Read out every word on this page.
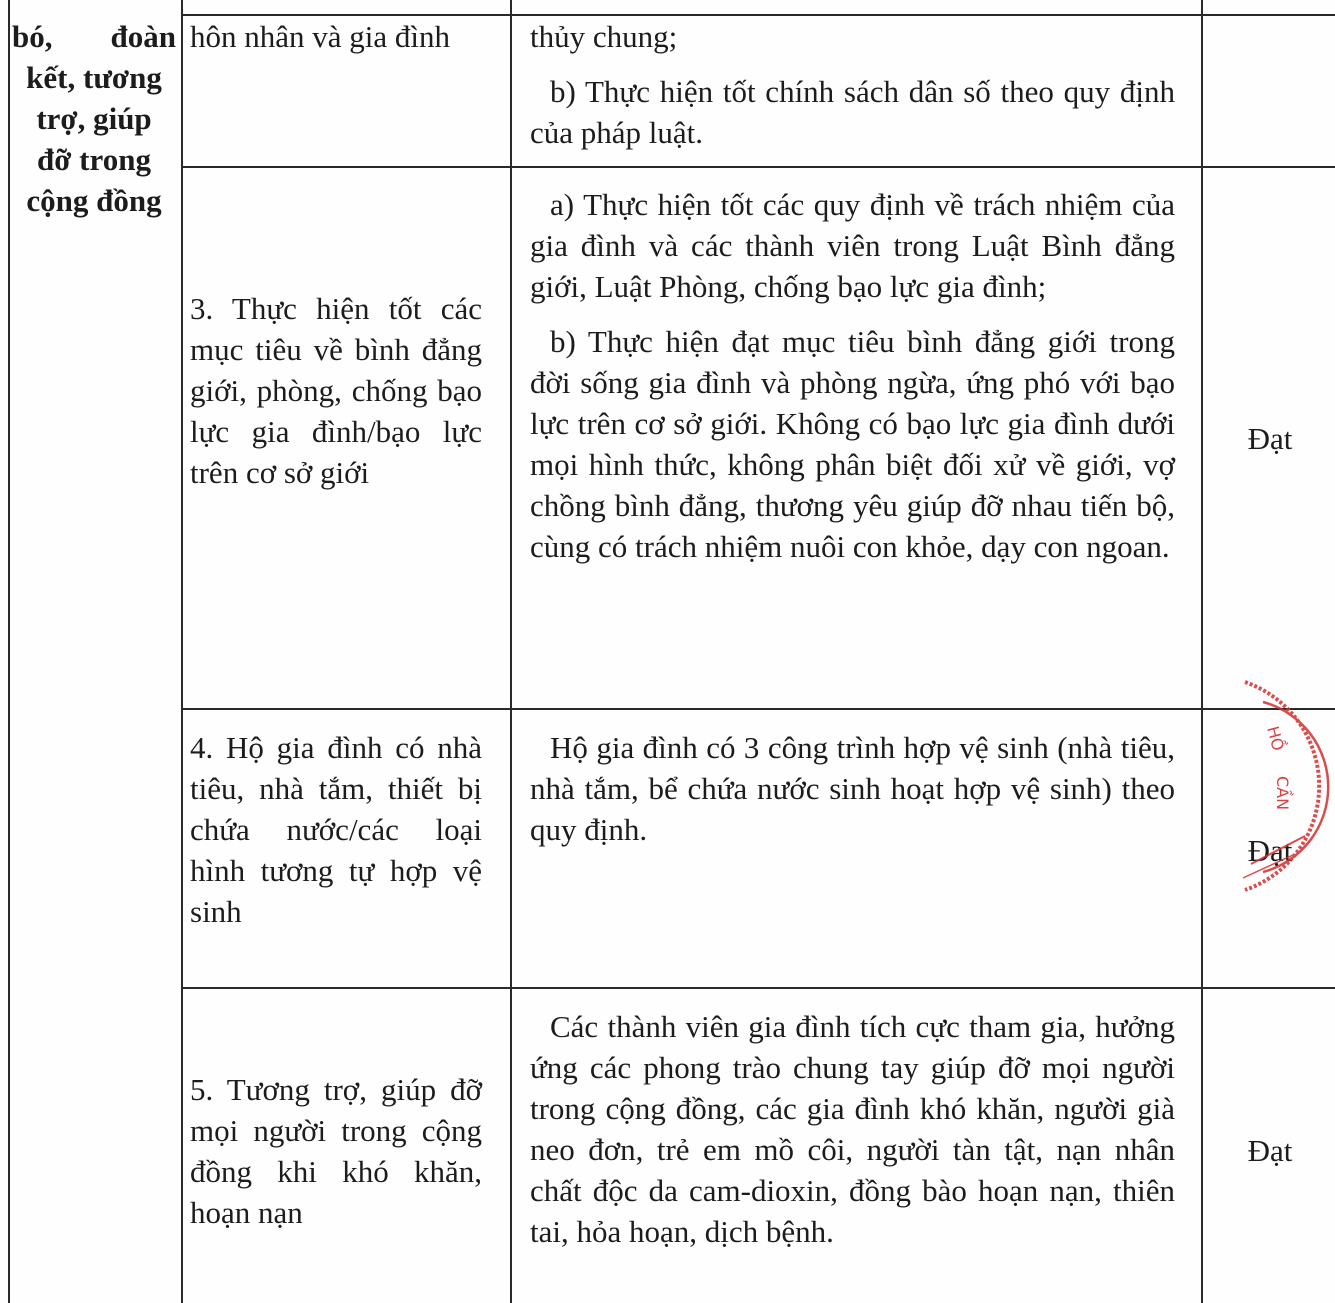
bó, đoàn
kết, tương
trợ, giúp
đỡ trong
cộng đồng
hôn nhân và gia đình	thủy chung;

b) Thực hiện tốt chính sách dân số theo quy định của pháp luật.

3. Thực hiện tốt các mục tiêu về bình đẳng giới, phòng, chống bạo lực gia đình/bạo lực trên cơ sở giới

a) Thực hiện tốt các quy định về trách nhiệm của gia đình và các thành viên trong Luật Bình đẳng giới, Luật Phòng, chống bạo lực gia đình;

b) Thực hiện đạt mục tiêu bình đẳng giới trong đời sống gia đình và phòng ngừa, ứng phó với bạo lực trên cơ sở giới. Không có bạo lực gia đình dưới mọi hình thức, không phân biệt đối xử về giới, vợ chồng bình đẳng, thương yêu giúp đỡ nhau tiến bộ, cùng có trách nhiệm nuôi con khỏe, dạy con ngoan.

Đạt
4. Hộ gia đình có nhà tiêu, nhà tắm, thiết bị chứa nước/các loại hình tương tự hợp vệ sinh

Hộ gia đình có 3 công trình hợp vệ sinh (nhà tiêu, nhà tắm, bể chứa nước sinh hoạt hợp vệ sinh) theo quy định.

Đạt
5. Tương trợ, giúp đỡ mọi người trong cộng đồng khi khó khăn, hoạn nạn

Các thành viên gia đình tích cực tham gia, hưởng ứng các phong trào chung tay giúp đỡ mọi người trong cộng đồng, các gia đình khó khăn, người già neo đơn, trẻ em mồ côi, người tàn tật, nạn nhân chất độc da cam-dioxin, đồng bào hoạn nạn, thiên tai, hỏa hoạn, dịch bệnh.

Đạt
HỒ
CẦN
